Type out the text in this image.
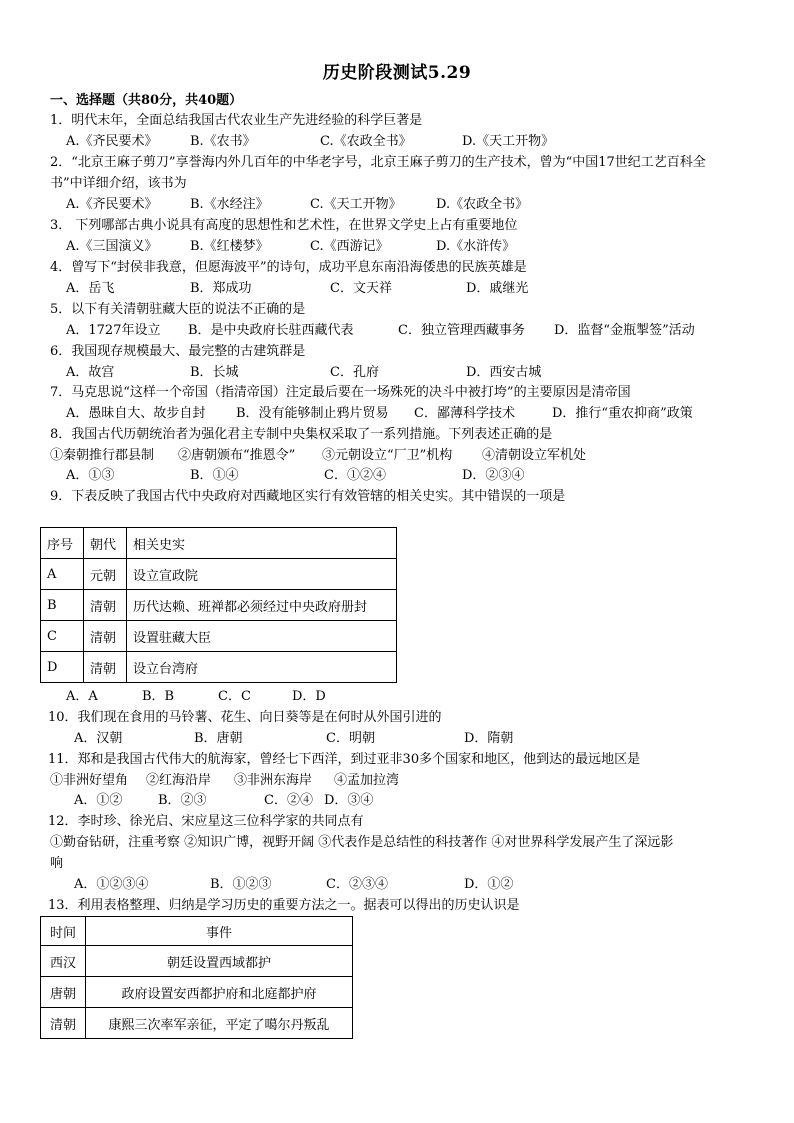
历史阶段测试5.29
一、选择题（共80分，共40题）
1．明代末年，全面总结我国古代农业生产先进经验的科学巨著是
A.《齐民要术》 B.《农书》	C.《农政全书》	D.《天工开物》
2．“北京王麻子剪刀”享誉海内外几百年的中华老字号，北京王麻子剪刀的生产技术，曾为“中国17世纪工艺百科全
书”中详细介绍，该书为
A.《齐民要术》 B.《水经注》	C.《天工开物》	D.《农政全书》
3． 下列哪部古典小说具有高度的思想性和艺术性，在世界文学史上占有重要地位
A.《三国演义》 B.《红楼梦》	C.《西游记》	D.《水浒传》
4．曾写下“封侯非我意，但愿海波平”的诗句，成功平息东南沿海倭患的民族英雄是
A．岳飞	B．郑成功	C．文天祥	D．戚继光
5．以下有关清朝驻藏大臣的说法不正确的是
A．1727年设立 B．是中央政府长驻西藏代表	C．独立管理西藏事务 D．监督“金瓶掣签”活动
6．我国现存规模最大、最完整的古建筑群是
A．故宫	B．长城	C．孔府	D．西安古城
7．马克思说“这样一个帝国（指清帝国）注定最后要在一场殊死的决斗中被打垮”的主要原因是清帝国
A．愚昧自大、故步自封 B．没有能够制止鸦片贸易 C．鄙薄科学技术	D．推行“重农抑商”政策
8．我国古代历朝统治者为强化君主专制中央集权采取了一系列措施。下列表述正确的是
①秦朝推行郡县制 ②唐朝颁布“推恩令” ③元朝设立“厂卫”机构 ④清朝设立军机处
A．①③	B．①④	C．①②④	D．②③④
9．下表反映了我国古代中央政府对西藏地区实行有效管辖的相关史实。其中错误的一项是
序号	朝代	相关史实
A	元朝	设立宣政院
B	清朝	历代达赖、班禅都必须经过中央政府册封
C	清朝	设置驻藏大臣
D	清朝	设立台湾府
A．A	B．B	C．C	D．D
10．我们现在食用的马铃薯、花生、向日葵等是在何时从外国引进的
A．汉朝	B．唐朝	C．明朝	D．隋朝
11．郑和是我国古代伟大的航海家，曾经七下西洋，到过亚非30多个国家和地区，他到达的最远地区是
①非洲好望角 ②红海沿岸 ③非洲东海岸 ④孟加拉湾
A．①②	B．②③	C．②④ D．③④
12．李时珍、徐光启、宋应星这三位科学家的共同点有
①勤奋钻研，注重考察 ②知识广博，视野开阔 ③代表作是总结性的科技著作 ④对世界科学发展产生了深远影
响
A．①②③④	B．①②③	C．②③④	D．①②
13．利用表格整理、归纳是学习历史的重要方法之一。据表可以得出的历史认识是
时间	事件
西汉	朝廷设置西域都护
唐朝	政府设置安西都护府和北庭都护府
清朝	康熙三次率军亲征，平定了噶尔丹叛乱
